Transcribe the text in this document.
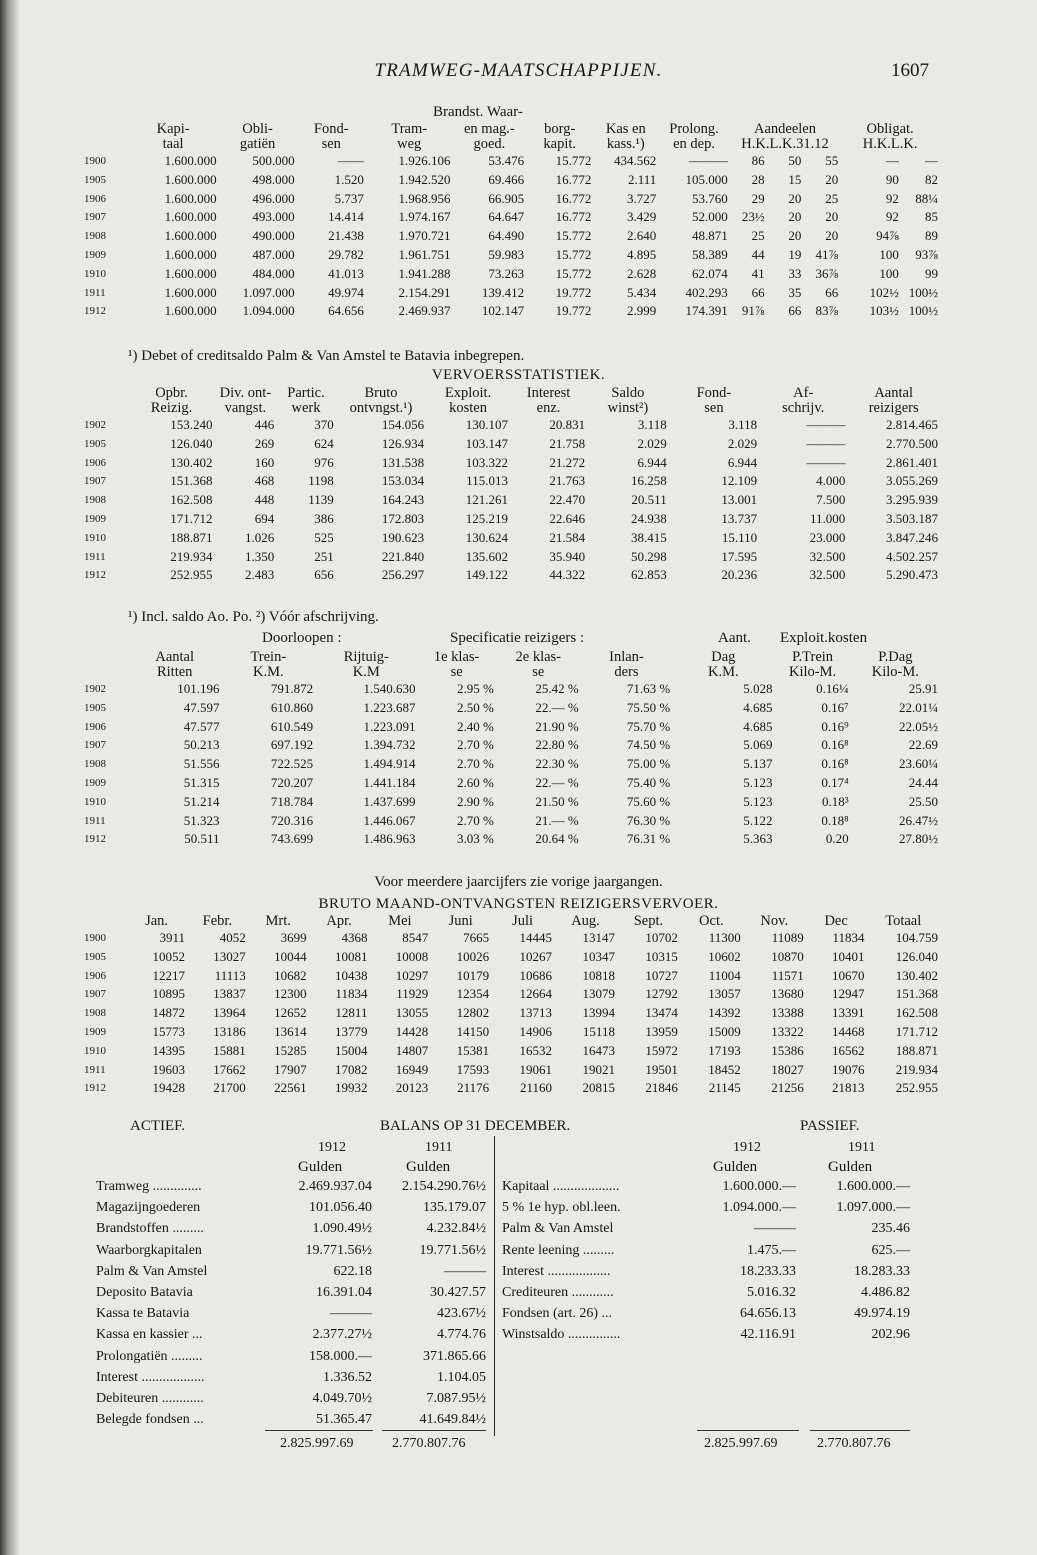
TRAMWEG-MAATSCHAPPIJEN.	1607
Brandst. Waar-
	Kapi-	Obli-	Fond-	Tram-	en mag.-	borg-	Kas en	Prolong.	Aandeelen			Obligat.	
	taal	gatiën	sen	weg	goed.	kapit.	kass.¹)	en dep.	H.K.L.K.31.12			H.K.L.K.	
1900	1.600.000	500.000	——	1.926.106	53.476	15.772	434.562	———	86	50	55	—	—
1905	1.600.000	498.000	1.520	1.942.520	69.466	16.772	2.111	105.000	28	15	20	90	82
1906	1.600.000	496.000	5.737	1.968.956	66.905	16.772	3.727	53.760	29	20	25	92	88¼
1907	1.600.000	493.000	14.414	1.974.167	64.647	16.772	3.429	52.000	23½	20	20	92	85
1908	1.600.000	490.000	21.438	1.970.721	64.490	15.772	2.640	48.871	25	20	20	94⅞	89
1909	1.600.000	487.000	29.782	1.961.751	59.983	15.772	4.895	58.389	44	19	41⅞	100	93⅞
1910	1.600.000	484.000	41.013	1.941.288	73.263	15.772	2.628	62.074	41	33	36⅞	100	99
1911	1.600.000	1.097.000	49.974	2.154.291	139.412	19.772	5.434	402.293	66	35	66	102½	100½
1912	1.600.000	1.094.000	64.656	2.469.937	102.147	19.772	2.999	174.391	91⅞	66	83⅞	103½	100½
¹) Debet of creditsaldo Palm & Van Amstel te Batavia inbegrepen.
VERVOERSSTATISTIEK.
	Opbr.	Div. ont-	Partic.	Bruto	Exploit.	Interest	Saldo	Fond-	Af-	Aantal
	Reizig.	vangst.	werk	ontvngst.¹)	kosten	enz.	winst²)	sen	schrijv.	reizigers
1902	153.240	446	370	154.056	130.107	20.831	3.118	3.118	———	2.814.465
1905	126.040	269	624	126.934	103.147	21.758	2.029	2.029	———	2.770.500
1906	130.402	160	976	131.538	103.322	21.272	6.944	6.944	———	2.861.401
1907	151.368	468	1198	153.034	115.013	21.763	16.258	12.109	4.000	3.055.269
1908	162.508	448	1139	164.243	121.261	22.470	20.511	13.001	7.500	3.295.939
1909	171.712	694	386	172.803	125.219	22.646	24.938	13.737	11.000	3.503.187
1910	188.871	1.026	525	190.623	130.624	21.584	38.415	15.110	23.000	3.847.246
1911	219.934	1.350	251	221.840	135.602	35.940	50.298	17.595	32.500	4.502.257
1912	252.955	2.483	656	256.297	149.122	44.322	62.853	20.236	32.500	5.290.473
¹) Incl. saldo Ao. Po. ²) Vóór afschrijving.
Doorloopen :	Specificatie reizigers :	Aant. Exploit.kosten
	Aantal	Trein-	Rijtuig-	1e klas-	2e klas-	Inlan-	Dag	P.Trein	P.Dag
	Ritten	K.M.	K.M	se	se	ders	K.M.	Kilo-M.	Kilo-M.
1902	101.196	791.872	1.540.630	2.95 %	25.42 %	71.63 %	5.028	0.16¼	25.91
1905	47.597	610.860	1.223.687	2.50 %	22.— %	75.50 %	4.685	0.16⁷	22.01¼
1906	47.577	610.549	1.223.091	2.40 %	21.90 %	75.70 %	4.685	0.16⁹	22.05½
1907	50.213	697.192	1.394.732	2.70 %	22.80 %	74.50 %	5.069	0.16⁸	22.69
1908	51.556	722.525	1.494.914	2.70 %	22.30 %	75.00 %	5.137	0.16⁸	23.60¼
1909	51.315	720.207	1.441.184	2.60 %	22.— %	75.40 %	5.123	0.17⁴	24.44
1910	51.214	718.784	1.437.699	2.90 %	21.50 %	75.60 %	5.123	0.18³	25.50
1911	51.323	720.316	1.446.067	2.70 %	21.— %	76.30 %	5.122	0.18⁸	26.47½
1912	50.511	743.699	1.486.963	3.03 %	20.64 %	76.31 %	5.363	0.20	27.80½
Voor meerdere jaarcijfers zie vorige jaargangen.
BRUTO MAAND-ONTVANGSTEN REIZIGERSVERVOER.
	Jan.	Febr.	Mrt.	Apr.	Mei	Juni	Juli	Aug.	Sept.	Oct.	Nov.	Dec	Totaal
1900	3911	4052	3699	4368	8547	7665	14445	13147	10702	11300	11089	11834	104.759
1905	10052	13027	10044	10081	10008	10026	10267	10347	10315	10602	10870	10401	126.040
1906	12217	11113	10682	10438	10297	10179	10686	10818	10727	11004	11571	10670	130.402
1907	10895	13837	12300	11834	11929	12354	12664	13079	12792	13057	13680	12947	151.368
1908	14872	13964	12652	12811	13055	12802	13713	13994	13474	14392	13388	13391	162.508
1909	15773	13186	13614	13779	14428	14150	14906	15118	13959	15009	13322	14468	171.712
1910	14395	15881	15285	15004	14807	15381	16532	16473	15972	17193	15386	16562	188.871
1911	19603	17662	17907	17082	16949	17593	19061	19021	19501	18452	18027	19076	219.934
1912	19428	21700	22561	19932	20123	21176	21160	20815	21846	21145	21256	21813	252.955
ACTIEF.	BALANS OP 31 DECEMBER.	PASSIEF.
1912	1911
Gulden	Gulden
1912	1911
Gulden	Gulden
Tramweg ..............	2.469.937.04	2.154.290.76½
Magazijngoederen	101.056.40	135.179.07
Brandstoffen .........	1.090.49½	4.232.84½
Waarborgkapitalen	19.771.56½	19.771.56½
Palm & Van Amstel	622.18	———
Deposito Batavia	16.391.04	30.427.57
Kassa te Batavia	———	423.67½
Kassa en kassier ...	2.377.27½	4.774.76
Prolongatiën .........	158.000.—	371.865.66
Interest ..................	1.336.52	1.104.05
Debiteuren ............	4.049.70½	7.087.95½
Belegde fondsen ...	51.365.47	41.649.84½
Kapitaal ...................	1.600.000.—	1.600.000.—
5 % 1e hyp. obl.leen.	1.094.000.—	1.097.000.—
Palm & Van Amstel	———	235.46
Rente leening .........	1.475.—	625.—
Interest ..................	18.233.33	18.283.33
Crediteuren ............	5.016.32	4.486.82
Fondsen (art. 26) ...	64.656.13	49.974.19
Winstsaldo ...............	42.116.91	202.96
2.825.997.69	2.770.807.76	2.825.997.69	2.770.807.76
